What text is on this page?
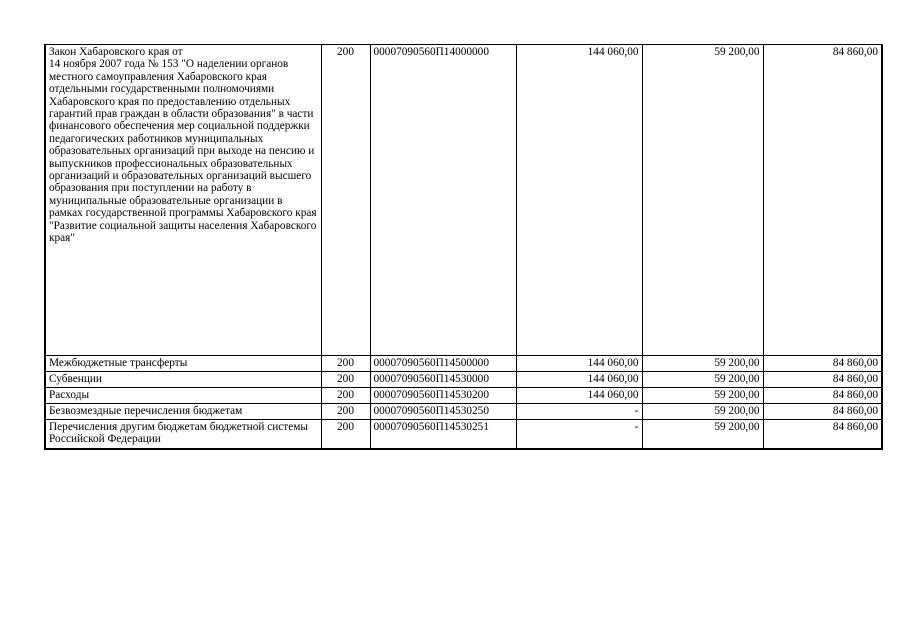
Закон Хабаровского края от
14 ноября 2007 года № 153 "О наделении органов местного самоуправления Хабаровского края отдельными государственными полномочиями Хабаровского края по предоставлению отдельных гарантий прав граждан в области образования" в части финансового обеспечения мер социальной поддержки педагогических работников муниципальных образовательных организаций при выходе на пенсию и выпускников профессиональных образовательных организаций и образовательных организаций высшего образования при поступлении на работу в муниципальные образовательные организации в рамках государственной программы Хабаровского края "Развитие социальной защиты населения Хабаровского края"	200	00007090560П14000000	144 060,00	59 200,00	84 860,00
Межбюджетные трансферты	200	00007090560П14500000	144 060,00	59 200,00	84 860,00
Субвенции	200	00007090560П14530000	144 060,00	59 200,00	84 860,00
Расходы	200	00007090560П14530200	144 060,00	59 200,00	84 860,00
Безвозмездные перечисления бюджетам	200	00007090560П14530250	-	59 200,00	84 860,00
Перечисления другим бюджетам бюджетной системы Российской Федерации	200	00007090560П14530251	-	59 200,00	84 860,00
